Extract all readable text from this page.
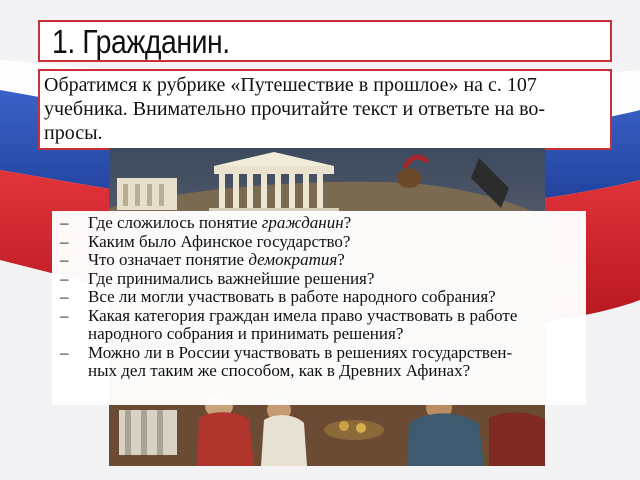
1. Гражданин.
Обратимся к рубрике «Путешествие в прошлое» на с. 107
учебника. Внимательно прочитайте текст и ответьте на во-
просы.
– Где сложилось понятие гражданин?
– Каким было Афинское государство?
– Что означает понятие демократия?
– Где принимались важнейшие решения?
– Все ли могли участвовать в работе народного собрания?
– Какая категория граждан имела право участвовать в работе
народного собрания и принимать решения?
– Можно ли в России участвовать в решениях государствен-
ных дел таким же способом, как в Древних Афинах?
